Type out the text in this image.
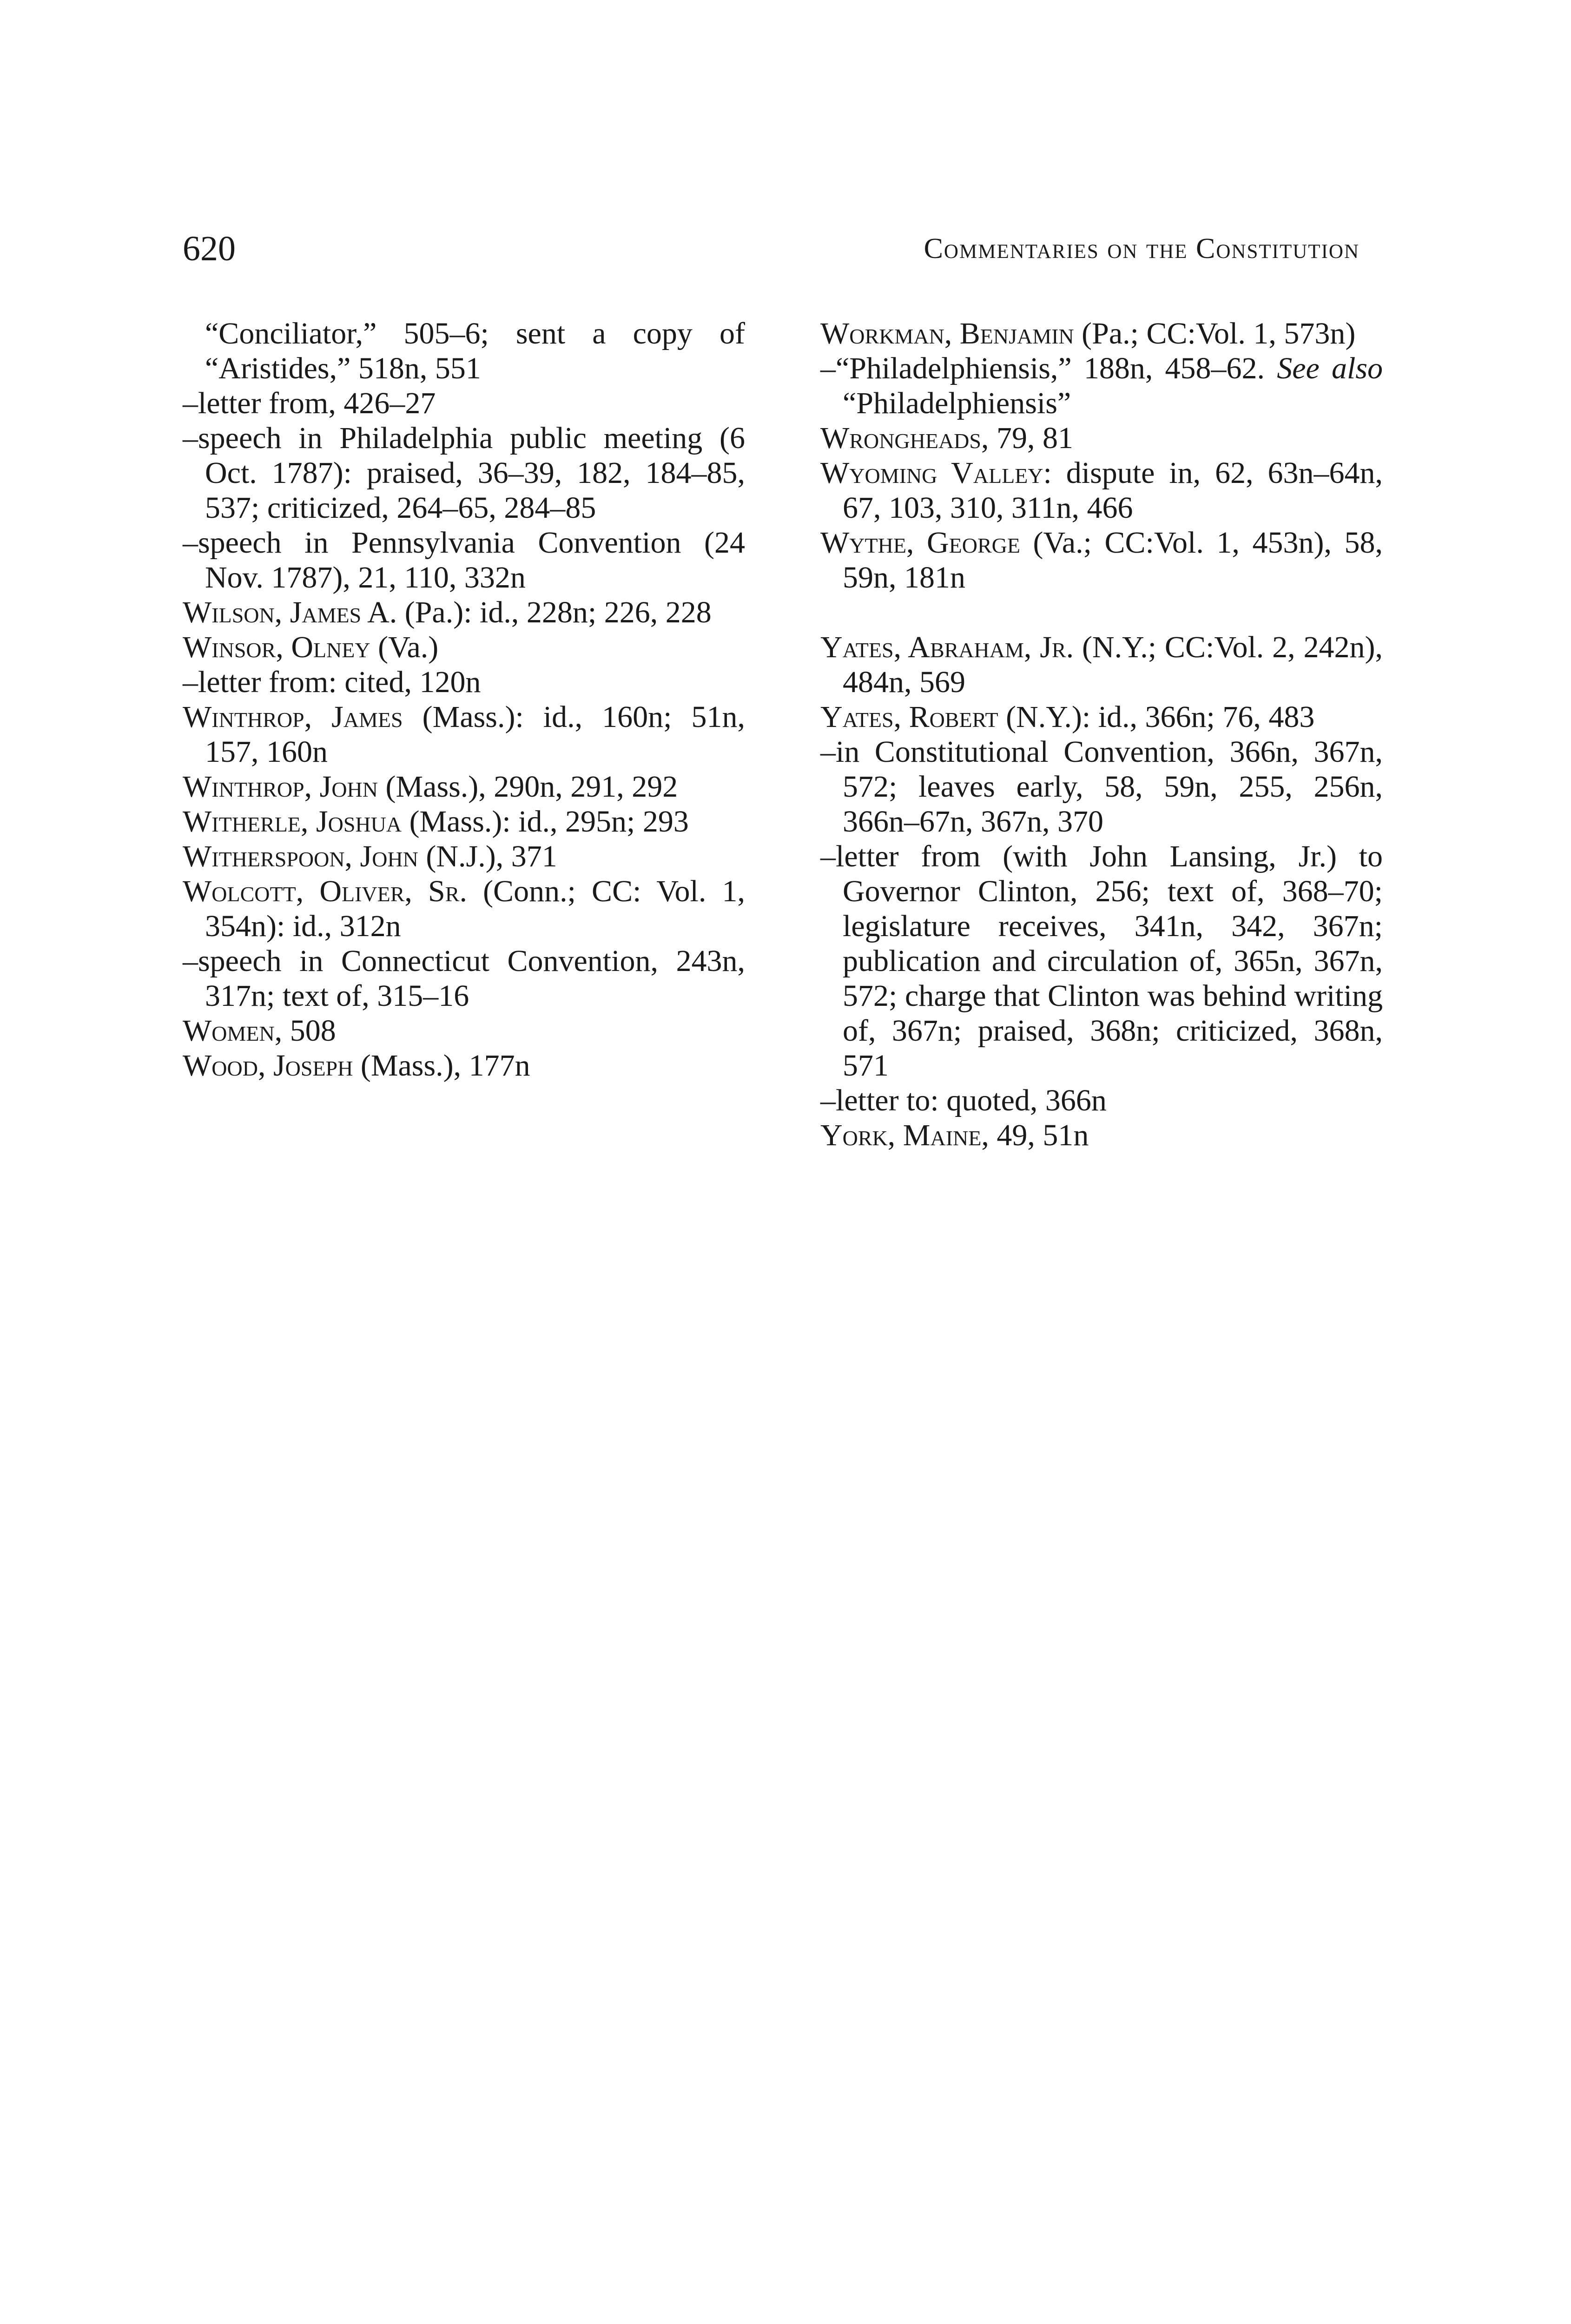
620	Commentaries on the Constitution

“Conciliator,” 505–6; sent a copy of “Aristides,” 518n, 551

–letter from, 426–27

–speech in Philadelphia public meeting (6 Oct. 1787): praised, 36–39, 182, 184–85, 537; criticized, 264–65, 284–85

–speech in Pennsylvania Convention (24 Nov. 1787), 21, 110, 332n

Wilson, James A. (Pa.): id., 228n; 226, 228

Winsor, Olney (Va.)

–letter from: cited, 120n

Winthrop, James (Mass.): id., 160n; 51n, 157, 160n

Winthrop, John (Mass.), 290n, 291, 292

Witherle, Joshua (Mass.): id., 295n; 293

Witherspoon, John (N.J.), 371

Wolcott, Oliver, Sr. (Conn.; CC: Vol. 1, 354n): id., 312n

–speech in Connecticut Convention, 243n, 317n; text of, 315–16

Women, 508

Wood, Joseph (Mass.), 177n

Workman, Benjamin (Pa.; CC:Vol. 1, 573n)

–“Philadelphiensis,” 188n, 458–62. See also “Philadelphiensis”

Wrongheads, 79, 81

Wyoming Valley: dispute in, 62, 63n–64n, 67, 103, 310, 311n, 466

Wythe, George (Va.; CC:Vol. 1, 453n), 58, 59n, 181n

Yates, Abraham, Jr. (N.Y.; CC:Vol. 2, 242n), 484n, 569

Yates, Robert (N.Y.): id., 366n; 76, 483

–in Constitutional Convention, 366n, 367n, 572; leaves early, 58, 59n, 255, 256n, 366n–67n, 367n, 370

–letter from (with John Lansing, Jr.) to Governor Clinton, 256; text of, 368–70; legislature receives, 341n, 342, 367n; publication and circulation of, 365n, 367n, 572; charge that Clinton was behind writing of, 367n; praised, 368n; criticized, 368n, 571

–letter to: quoted, 366n

York, Maine, 49, 51n
